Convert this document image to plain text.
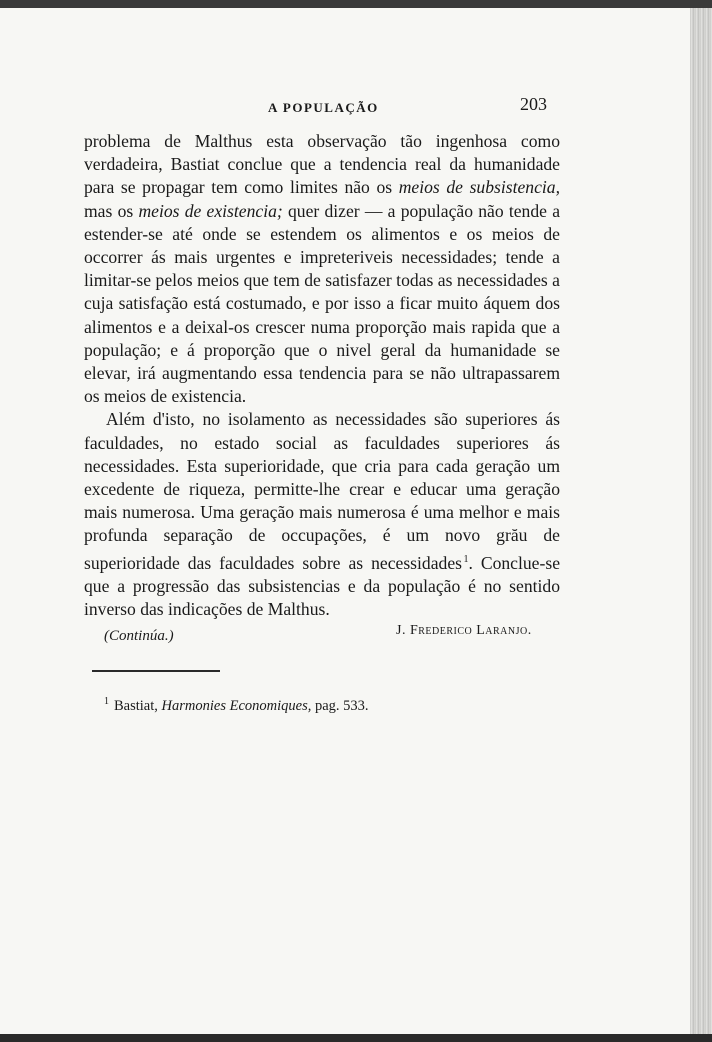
A POPULAÇÃO	203

problema de Malthus esta observação tão ingenhosa como verdadeira, Bastiat conclue que a tendencia real da humanidade para se propagar tem como limites não os meios de subsistencia, mas os meios de existencia; quer dizer — a população não tende a estender-se até onde se estendem os alimentos e os meios de occorrer ás mais urgentes e impreteriveis necessidades; tende a limitar-se pelos meios que tem de satisfazer todas as necessidades a cuja satisfação está costumado, e por isso a ficar muito áquem dos alimentos e a deixal-os crescer numa proporção mais rapida que a população; e á proporção que o nivel geral da humanidade se elevar, irá augmentando essa tendencia para se não ultrapassarem os meios de existencia.

Além d'isto, no isolamento as necessidades são superiores ás faculdades, no estado social as faculdades superiores ás necessidades. Esta superioridade, que cria para cada geração um excedente de riqueza, permitte-lhe crear e educar uma geração mais numerosa. Uma geração mais numerosa é uma melhor e mais profunda separação de occupações, é um novo grău de superioridade das faculdades sobre as necessidades $^1$. Conclue-se que a progressão das subsistencias e da população é no sentido inverso das indicações de Malthus.

(Continúa.)	J. Frederico Laranjo.
$^1$ Bastiat, Harmonies Economiques, pag. 533.
